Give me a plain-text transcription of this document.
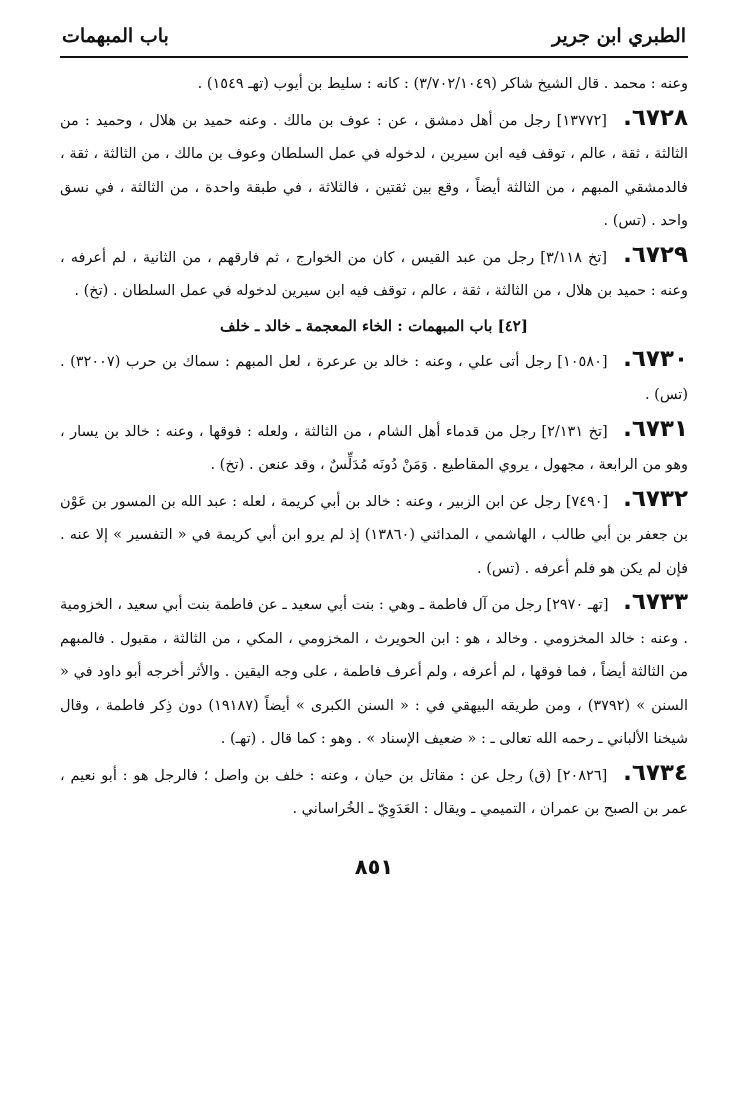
الطبري ابن جرير
باب المبهمات

وعنه : محمد . قال الشيخ شاكر (٣/٧٠٢/١٠٤٩) : كانه : سليط بن أيوب (تهـ ١٥٤٩) .

٦٧٢٨. [١٣٧٧٢] رجل من أهل دمشق ، عن : عوف بن مالك . وعنه حميد بن هلال ، وحميد : من الثالثة ، ثقة ، عالم ، توقف فيه ابن سيرين ، لدخوله في عمل السلطان وعوف بن مالك ، من الثالثة ، ثقة ، فالدمشقي المبهم ، من الثالثة أيضاً ، وقع بين ثقتين ، فالثلاثة ، في طبقة واحدة ، من الثالثة ، في نسق واحد . (تس) .

٦٧٢٩. [تخ ٣/١١٨] رجل من عبد القيس ، كان من الخوارج ، ثم فارقهم ، من الثانية ، لم أعرفه ، وعنه : حميد بن هلال ، من الثالثة ، ثقة ، عالم ، توقف فيه ابن سيرين لدخوله في عمل السلطان . (تخ) .

[٤٢] باب المبهمات : الخاء المعجمة ـ خالد ـ خلف

٦٧٣٠. [١٠٥٨٠] رجل أتى علي ، وعنه : خالد بن عرعرة ، لعل المبهم : سماك بن حرب (٣٢٠٠٧) . (تس) .

٦٧٣١. [تخ ٢/١٣١] رجل من قدماء أهل الشام ، من الثالثة ، ولعله : فوقها ، وعنه : خالد بن يسار ، وهو من الرابعة ، مجهول ، يروي المقاطيع . وَمَنْ دُونَه مُدَلِّسٌ ، وقد عنعن . (تخ) .

٦٧٣٢. [٧٤٩٠] رجل عن ابن الزبير ، وعنه : خالد بن أبي كريمة ، لعله : عبد الله بن المسور بن عَوْن بن جعفر بن أبي طالب ، الهاشمي ، المدائني (١٣٨٦٠) إذ لم يرو ابن أبي كريمة في « التفسير » إلا عنه . فإن لم يكن هو فلم أعرفه . (تس) .

٦٧٣٣. [تهـ ٢٩٧٠] رجل من آل فاطمة ـ وهي : بنت أبي سعيد ـ عن فاطمة بنت أبي سعيد ، الخزومية . وعنه : خالد المخزومي . وخالد ، هو : ابن الحويرث ، المخزومي ، المكي ، من الثالثة ، مقبول . فالمبهم من الثالثة أيضاً ، فما فوقها ، لم أعرفه ، ولم أعرف فاطمة ، على وجه اليقين . والأثر أخرجه أبو داود في « السنن » (٣٧٩٢) ، ومن طريقه البيهقي في : « السنن الكبرى » أيضاً (١٩١٨٧) دون ذِكر فاطمة ، وقال شيخنا الألباني ـ رحمه الله تعالى ـ : « ضعيف الإسناد » . وهو : كما قال . (تهـ) .

٦٧٣٤. [٢٠٨٢٦] (ق) رجل عن : مقاتل بن حيان ، وعنه : خلف بن واصل ؛ فالرجل هو : أبو نعيم ، عمر بن الصبح بن عمران ، التميمي ـ ويقال : العَدَوِيّ ـ الخُراساني .

٨٥١
